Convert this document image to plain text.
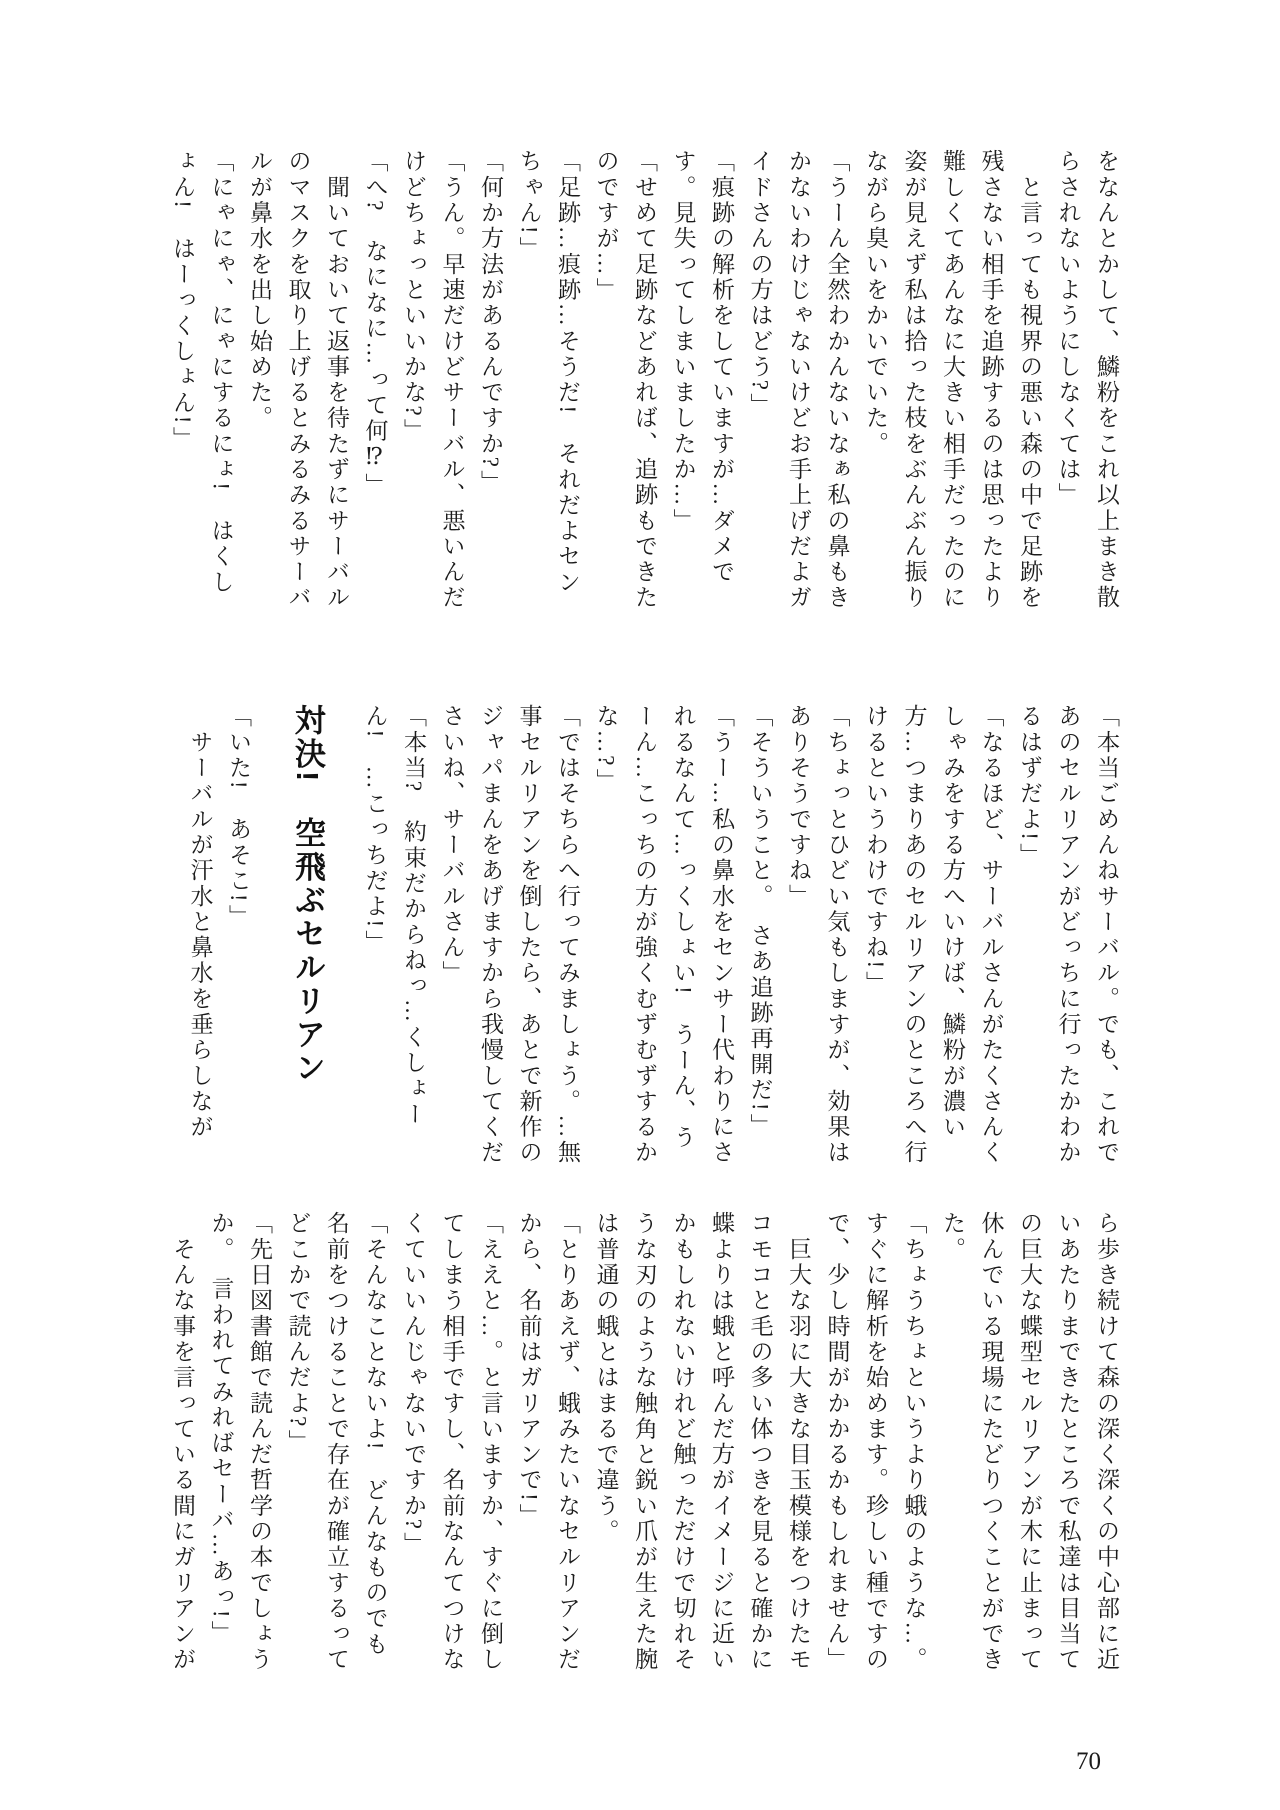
をなんとかして、鱗粉をこれ以上まき散らされないようにしなくては」

　と言っても視界の悪い森の中で足跡を残さない相手を追跡するのは思ったより難しくてあんなに大きい相手だったのに姿が見えず私は拾った枝をぶんぶん振りながら臭いをかいでいた。

「うーん全然わかんないなぁ私の鼻もきかないわけじゃないけどお手上げだよガイドさんの方はどう?」

「痕跡の解析をしていますが…ダメです。見失ってしまいましたか…」

「せめて足跡などあれば、追跡もできたのですが…」

「足跡…痕跡…そうだ!　それだよセンちゃん!」

「何か方法があるんですか?」

「うん。早速だけどサーバル、悪いんだけどちょっといいかな?」

「へ?　なになに…って何⁉」

　聞いておいて返事を待たずにサーバルのマスクを取り上げるとみるみるサーバルが鼻水を出し始めた。

「にゃにゃ、にゃにするにょ!　はくしょん!　はーっくしょん!」

「本当ごめんねサーバル。でも、これであのセルリアンがどっちに行ったかわかるはずだよ!」

「なるほど、サーバルさんがたくさんくしゃみをする方へいけば、鱗粉が濃い方…つまりあのセルリアンのところへ行けるというわけですね!」

「ちょっとひどい気もしますが、効果はありそうですね」

「そういうこと。　さあ追跡再開だ!」

「うー…私の鼻水をセンサー代わりにされるなんて…っくしょい!　うーん、うーん…こっちの方が強くむずむずするかな…?」

「ではそちらへ行ってみましょう。…無事セルリアンを倒したら、あとで新作のジャパまんをあげますから我慢してくださいね、サーバルさん」

「本当?　約束だからねっ…くしょーん!　…こっちだよ!」

対決!　空飛ぶセルリアン

「いた!　あそこ!」

　サーバルが汗水と鼻水を垂らしなが

ら歩き続けて森の深く深くの中心部に近いあたりまできたところで私達は目当ての巨大な蝶型セルリアンが木に止まって休んでいる現場にたどりつくことができた。

「ちょうちょというより蛾のような…。すぐに解析を始めます。珍しい種ですので、少し時間がかかるかもしれません」

　巨大な羽に大きな目玉模様をつけたモコモコと毛の多い体つきを見ると確かに蝶よりは蛾と呼んだ方がイメージに近いかもしれないけれど触っただけで切れそうな刃のような触角と鋭い爪が生えた腕は普通の蛾とはまるで違う。

「とりあえず、蛾みたいなセルリアンだから、名前はガリアンで!」

「ええと…。と言いますか、すぐに倒してしまう相手ですし、名前なんてつけなくていいんじゃないですか?」

「そんなことないよ!　どんなものでも名前をつけることで存在が確立するってどこかで読んだよ?」

「先日図書館で読んだ哲学の本でしょうか。　言われてみればセーバ…あっ!」

　そんな事を言っている間にガリアンが

70
